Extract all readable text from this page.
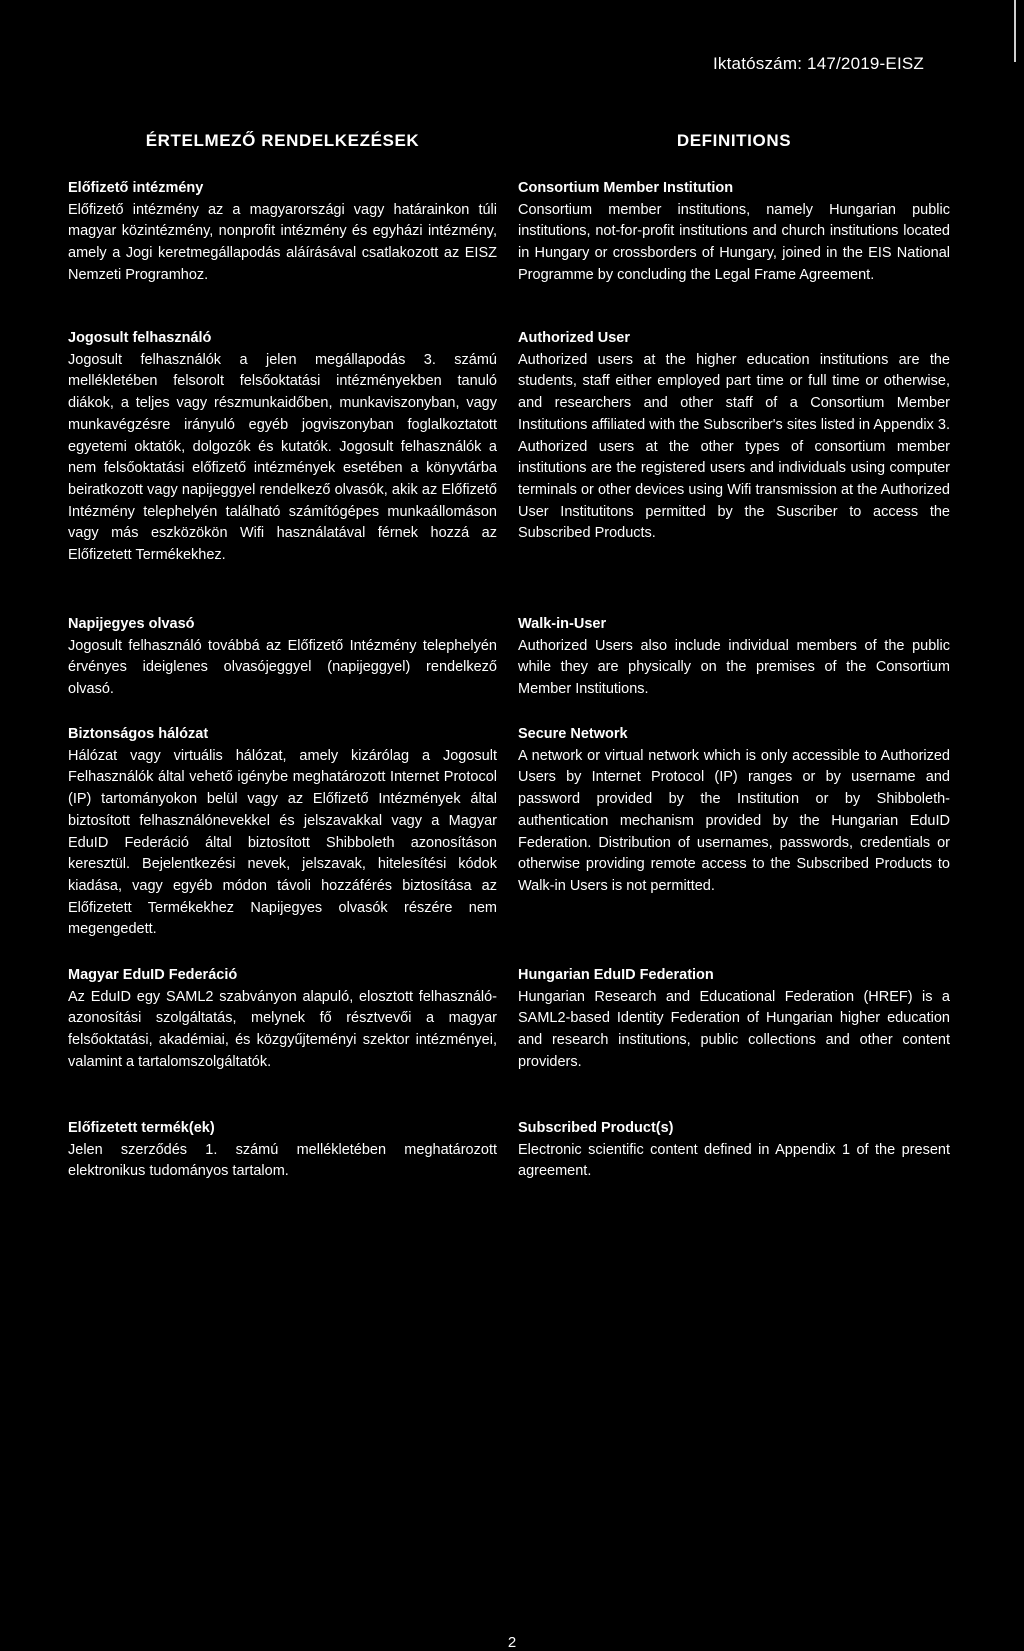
Iktatószám: 147/2019-EISZ
ÉRTELMEZŐ RENDELKEZÉSEK

Előfizető intézmény

Előfizető intézmény az a magyarországi vagy határainkon túli magyar közintézmény, nonprofit intézmény és egyházi intézmény, amely a Jogi keretmegállapodás aláírásával csatlakozott az EISZ Nemzeti Programhoz.

Jogosult felhasználó

Jogosult felhasználók a jelen megállapodás 3. számú mellékletében felsorolt felsőoktatási intézményekben tanuló diákok, a teljes vagy részmunkaidőben, munkaviszonyban, vagy munkavégzésre irányuló egyéb jogviszonyban foglalkoztatott egyetemi oktatók, dolgozók és kutatók. Jogosult felhasználók a nem felsőoktatási előfizető intézmények esetében a könyvtárba beiratkozott vagy napijeggyel rendelkező olvasók, akik az Előfizető Intézmény telephelyén található számítógépes munkaállomáson vagy más eszközökön Wifi használatával férnek hozzá az Előfizetett Termékekhez.

Napijegyes olvasó

Jogosult felhasználó továbbá az Előfizető Intézmény telephelyén érvényes ideiglenes olvasójeggyel (napijeggyel) rendelkező olvasó.

Biztonságos hálózat

Hálózat vagy virtuális hálózat, amely kizárólag a Jogosult Felhasználók által vehető igénybe meghatározott Internet Protocol (IP) tartományokon belül vagy az Előfizető Intézmények által biztosított felhasználónevekkel és jelszavakkal vagy a Magyar EduID Federáció által biztosított Shibboleth azonosításon keresztül. Bejelentkezési nevek, jelszavak, hitelesítési kódok kiadása, vagy egyéb módon távoli hozzáférés biztosítása az Előfizetett Termékekhez Napijegyes olvasók részére nem megengedett.

Magyar EduID Federáció

Az EduID egy SAML2 szabványon alapuló, elosztott felhasználó-azonosítási szolgáltatás, melynek fő résztvevői a magyar felsőoktatási, akadémiai, és közgyűjteményi szektor intézményei, valamint a tartalomszolgáltatók.

Előfizetett termék(ek)

Jelen szerződés 1. számú mellékletében meghatározott elektronikus tudományos tartalom.

DEFINITIONS

Consortium Member Institution

Consortium member institutions, namely Hungarian public institutions, not-for-profit institutions and church institutions located in Hungary or crossborders of Hungary, joined in the EIS National Programme by concluding the Legal Frame Agreement.

Authorized User

Authorized users at the higher education institutions are the students, staff either employed part time or full time or otherwise, and researchers and other staff of a Consortium Member Institutions affiliated with the Subscriber's sites listed in Appendix 3. Authorized users at the other types of consortium member institutions are the registered users and individuals using computer terminals or other devices using Wifi transmission at the Authorized User Institutitons permitted by the Suscriber to access the Subscribed Products.

Walk-in-User

Authorized Users also include individual members of the public while they are physically on the premises of the Consortium Member Institutions.

Secure Network

A network or virtual network which is only accessible to Authorized Users by Internet Protocol (IP) ranges or by username and password provided by the Institution or by Shibboleth-authentication mechanism provided by the Hungarian EduID Federation. Distribution of usernames, passwords, credentials or otherwise providing remote access to the Subscribed Products to Walk-in Users is not permitted.

Hungarian EduID Federation

Hungarian Research and Educational Federation (HREF) is a SAML2-based Identity Federation of Hungarian higher education and research institutions, public collections and other content providers.

Subscribed Product(s)

Electronic scientific content defined in Appendix 1 of the present agreement.

2
